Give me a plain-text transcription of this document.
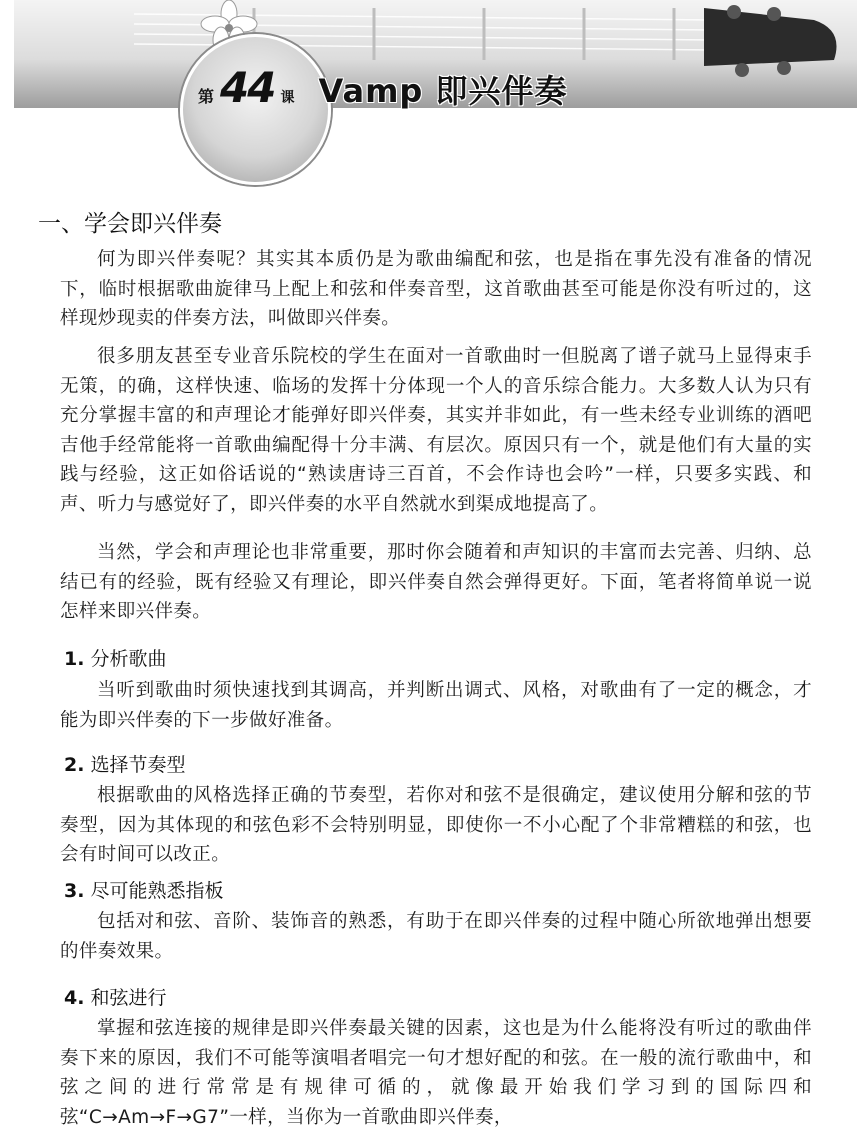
第 44 课 Vamp 即兴伴奏
一、学会即兴伴奏

何为即兴伴奏呢？其实其本质仍是为歌曲编配和弦，也是指在事先没有准备的情况下，临时根据歌曲旋律马上配上和弦和伴奏音型，这首歌曲甚至可能是你没有听过的，这样现炒现卖的伴奏方法，叫做即兴伴奏。

很多朋友甚至专业音乐院校的学生在面对一首歌曲时一但脱离了谱子就马上显得束手无策，的确，这样快速、临场的发挥十分体现一个人的音乐综合能力。大多数人认为只有充分掌握丰富的和声理论才能弹好即兴伴奏，其实并非如此，有一些未经专业训练的酒吧吉他手经常能将一首歌曲编配得十分丰满、有层次。原因只有一个，就是他们有大量的实践与经验，这正如俗话说的“熟读唐诗三百首，不会作诗也会吟”一样，只要多实践、和声、听力与感觉好了，即兴伴奏的水平自然就水到渠成地提高了。

当然，学会和声理论也非常重要，那时你会随着和声知识的丰富而去完善、归纳、总结已有的经验，既有经验又有理论，即兴伴奏自然会弹得更好。下面，笔者将简单说一说怎样来即兴伴奏。

1. 分析歌曲

当听到歌曲时须快速找到其调高，并判断出调式、风格，对歌曲有了一定的概念，才能为即兴伴奏的下一步做好准备。

2. 选择节奏型

根据歌曲的风格选择正确的节奏型，若你对和弦不是很确定，建议使用分解和弦的节奏型，因为其体现的和弦色彩不会特别明显，即使你一不小心配了个非常糟糕的和弦，也会有时间可以改正。

3. 尽可能熟悉指板

包括对和弦、音阶、装饰音的熟悉，有助于在即兴伴奏的过程中随心所欲地弹出想要的伴奏效果。

4. 和弦进行

掌握和弦连接的规律是即兴伴奏最关键的因素，这也是为什么能将没有听过的歌曲伴奏下来的原因，我们不可能等演唱者唱完一句才想好配的和弦。在一般的流行歌曲中，和弦之间的进行常常是有规律可循的，就像最开始我们学习到的国际四和弦“C→Am→F→G7”一样，当你为一首歌曲即兴伴奏，
